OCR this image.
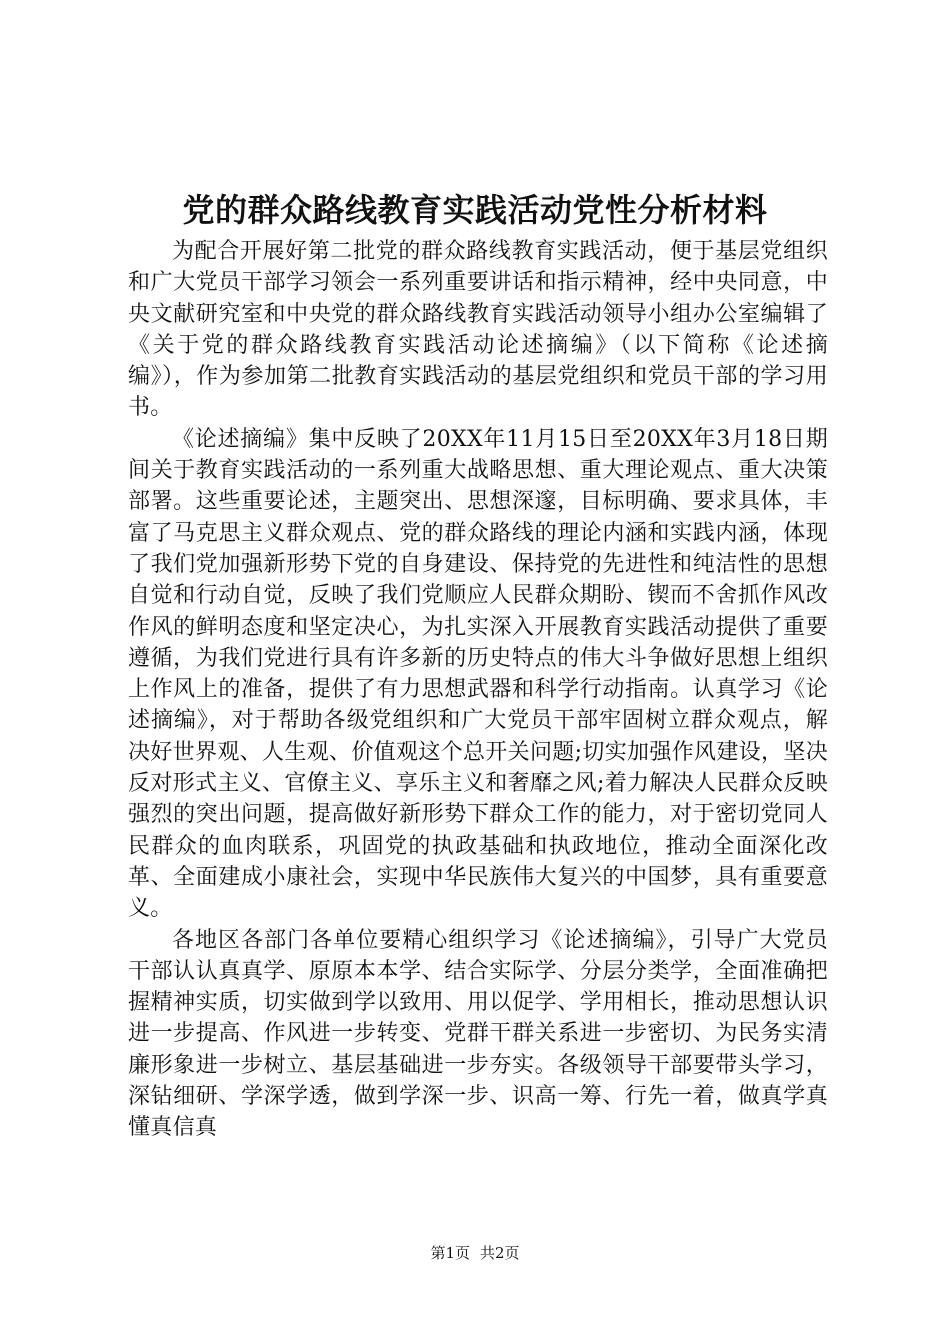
党的群众路线教育实践活动党性分析材料

为配合开展好第二批党的群众路线教育实践活动，便于基层党组织和广大党员干部学习领会一系列重要讲话和指示精神，经中央同意，中央文献研究室和中央党的群众路线教育实践活动领导小组办公室编辑了《关于党的群众路线教育实践活动论述摘编》（以下简称《论述摘编》），作为参加第二批教育实践活动的基层党组织和党员干部的学习用书。

《论述摘编》集中反映了20XX年11月15日至20XX年3月18日期间关于教育实践活动的一系列重大战略思想、重大理论观点、重大决策部署。这些重要论述，主题突出、思想深邃，目标明确、要求具体，丰富了马克思主义群众观点、党的群众路线的理论内涵和实践内涵，体现了我们党加强新形势下党的自身建设、保持党的先进性和纯洁性的思想自觉和行动自觉，反映了我们党顺应人民群众期盼、锲而不舍抓作风改作风的鲜明态度和坚定决心，为扎实深入开展教育实践活动提供了重要遵循，为我们党进行具有许多新的历史特点的伟大斗争做好思想上组织上作风上的准备，提供了有力思想武器和科学行动指南。认真学习《论述摘编》，对于帮助各级党组织和广大党员干部牢固树立群众观点，解决好世界观、人生观、价值观这个总开关问题;切实加强作风建设，坚决反对形式主义、官僚主义、享乐主义和奢靡之风;着力解决人民群众反映强烈的突出问题，提高做好新形势下群众工作的能力，对于密切党同人民群众的血肉联系，巩固党的执政基础和执政地位，推动全面深化改革、全面建成小康社会，实现中华民族伟大复兴的中国梦，具有重要意义。

各地区各部门各单位要精心组织学习《论述摘编》，引导广大党员干部认认真真学、原原本本学、结合实际学、分层分类学，全面准确把握精神实质，切实做到学以致用、用以促学、学用相长，推动思想认识进一步提高、作风进一步转变、党群干群关系进一步密切、为民务实清廉形象进一步树立、基层基础进一步夯实。各级领导干部要带头学习，深钻细研、学深学透，做到学深一步、识高一筹、行先一着，做真学真懂真信真

第1页 共2页
